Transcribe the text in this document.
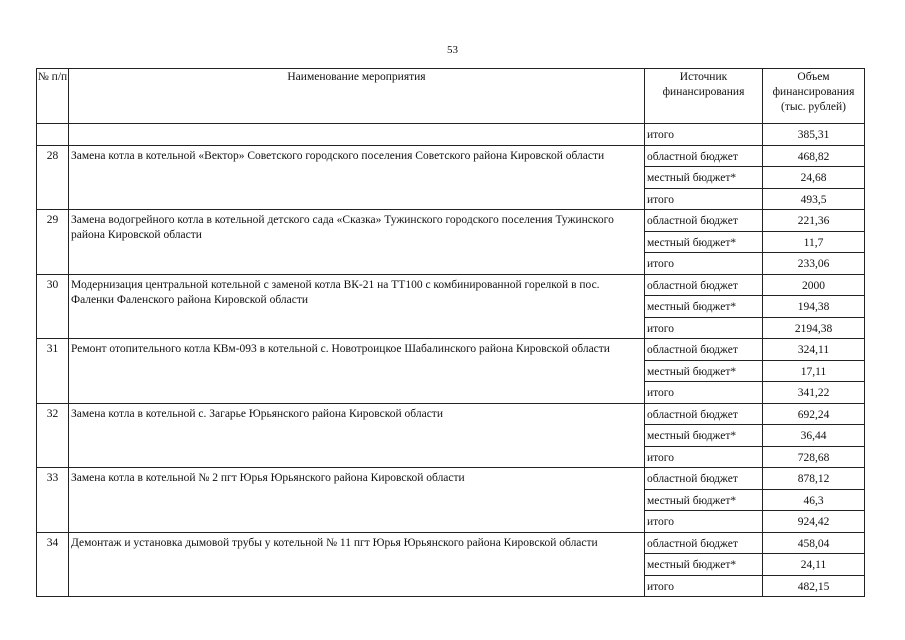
53
№ п/п	Наименование мероприятия	Источник финансирования	Объем финансирования (тыс. рублей)
		итого	385,31
28	Замена котла в котельной «Вектор» Советского городского поселения Советского района Кировской области	областной бюджет	468,82
		местный бюджет*	24,68
		итого	493,5
29	Замена водогрейного котла в котельной детского сада «Сказка» Тужинского городского поселения Тужинского района Кировской области	областной бюджет	221,36
		местный бюджет*	11,7
		итого	233,06
30	Модернизация центральной котельной с заменой котла ВК-21 на ТТ100 с комбинированной горелкой в пос. Фаленки Фаленского района Кировской области	областной бюджет	2000
		местный бюджет*	194,38
		итого	2194,38
31	Ремонт отопительного котла КВм-093 в котельной с. Новотроицкое Шабалинского района Кировской области	областной бюджет	324,11
		местный бюджет*	17,11
		итого	341,22
32	Замена котла в котельной с. Загарье Юрьянского района Кировской области	областной бюджет	692,24
		местный бюджет*	36,44
		итого	728,68
33	Замена котла в котельной № 2 пгт Юрья Юрьянского района Кировской области	областной бюджет	878,12
		местный бюджет*	46,3
		итого	924,42
34	Демонтаж и установка дымовой трубы у котельной № 11 пгт Юрья Юрьянского района Кировской области	областной бюджет	458,04
		местный бюджет*	24,11
		итого	482,15
